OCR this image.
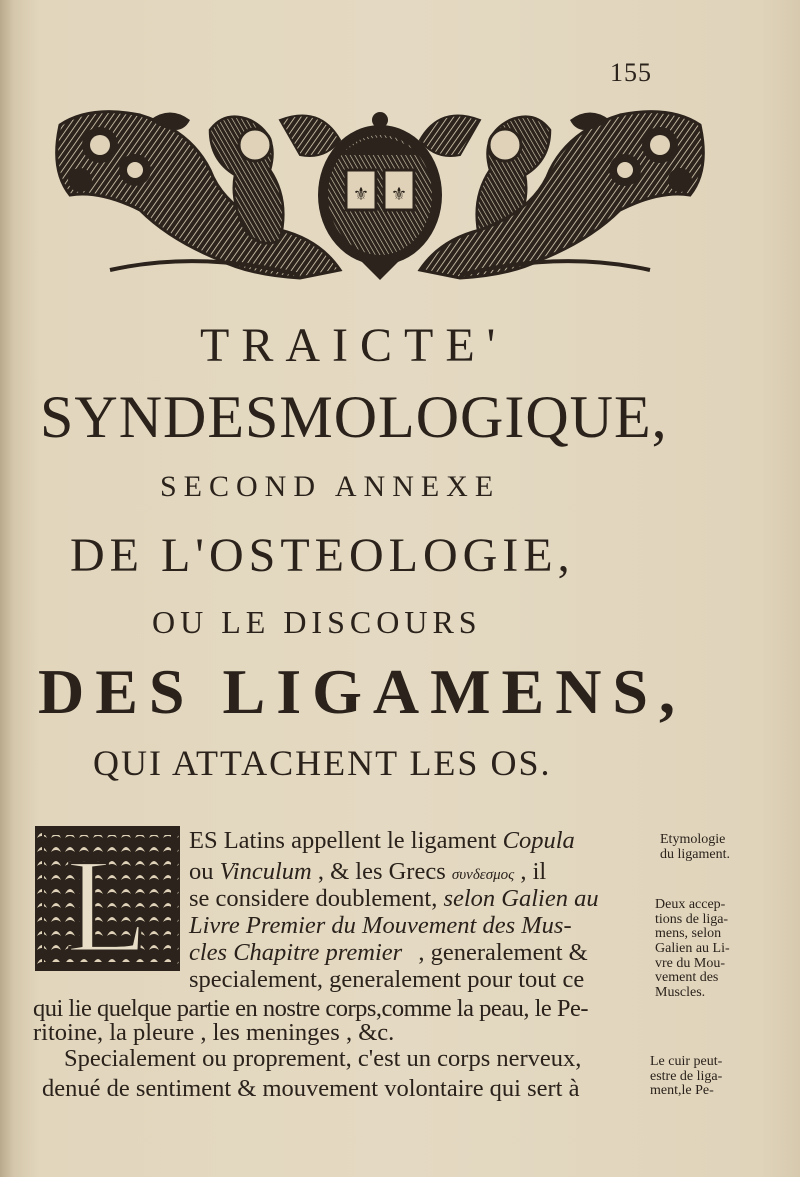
155
⚜ ⚜
TRAICTE'
SYNDESMOLOGIQUE,
SECOND ANNEXE
DE L'OSTEOLOGIE,
OU LE DISCOURS
DES LIGAMENS,
QUI ATTACHENT LES OS.
L ES Latins appellent le ligament Copula
ou Vinculum , & les Grecs συνδεσμος , il
se considere doublement, selon Galien au
Livre Premier du Mouvement des Mus-
cles Chapitre premier , generalement &
specialement, generalement pour tout ce
qui lie quelque partie en nostre corps,comme la peau, le Pe-
ritoine, la pleure , les meninges , &c.
Specialement ou proprement, c'est un corps nerveux,
denué de sentiment & mouvement volontaire qui sert à
Etymologie
du ligament.
Deux accep-
tions de liga-
mens, selon
Galien au Li-
vre du Mou-
vement des
Muscles.
Le cuir peut-
estre de liga-
ment,le Pe-
